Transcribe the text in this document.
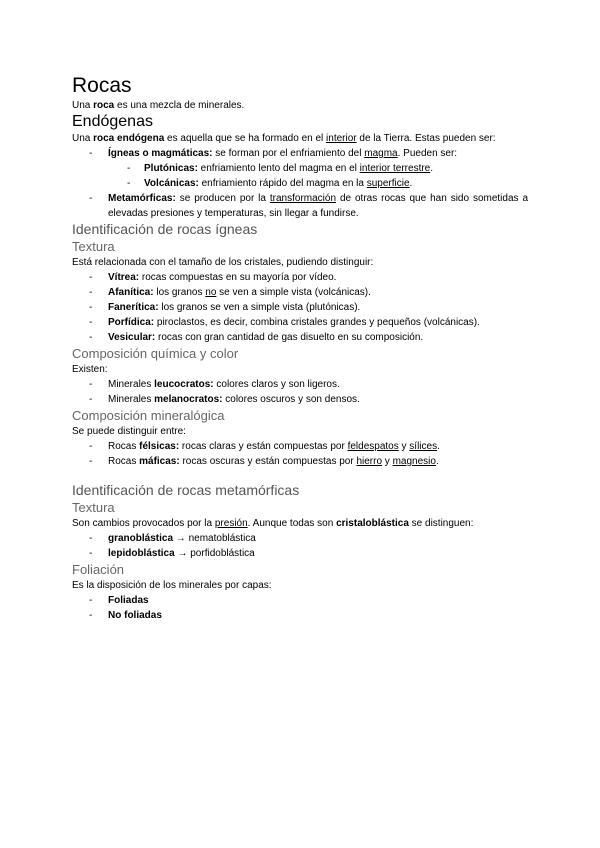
Rocas

Una roca es una mezcla de minerales.

Endógenas

Una roca endógena es aquella que se ha formado en el interior de la Tierra. Estas pueden ser:

- Ígneas o magmáticas: se forman por el enfriamiento del magma. Pueden ser:
- Plutónicas: enfriamiento lento del magma en el interior terrestre.
- Volcánicas: enfriamiento rápido del magma en la superficie.
- Metamórficas: se producen por la transformación de otras rocas que han sido sometidas a elevadas presiones y temperaturas, sin llegar a fundirse.
Identificación de rocas ígneas
Textura

Está relacionada con el tamaño de los cristales, pudiendo distinguir:

- Vítrea: rocas compuestas en su mayoría por vídeo.
- Afanítica: los granos no se ven a simple vista (volcánicas).
- Fanerítica: los granos se ven a simple vista (plutónicas).
- Porfídica: piroclastos, es decir, combina cristales grandes y pequeños (volcánicas).
- Vesicular: rocas con gran cantidad de gas disuelto en su composición.
Composición química y color

Existen:

- Minerales leucocratos: colores claros y son ligeros.
- Minerales melanocratos: colores oscuros y son densos.
Composición mineralógica

Se puede distinguir entre:

- Rocas félsicas: rocas claras y están compuestas por feldespatos y sílices.
- Rocas máficas: rocas oscuras y están compuestas por hierro y magnesio.
Identificación de rocas metamórficas
Textura

Son cambios provocados por la presión. Aunque todas son cristaloblástica se distinguen:

- granoblástica → nematoblástica
- lepidoblástica → porfidoblástica
Foliación

Es la disposición de los minerales por capas:

- Foliadas
- No foliadas
